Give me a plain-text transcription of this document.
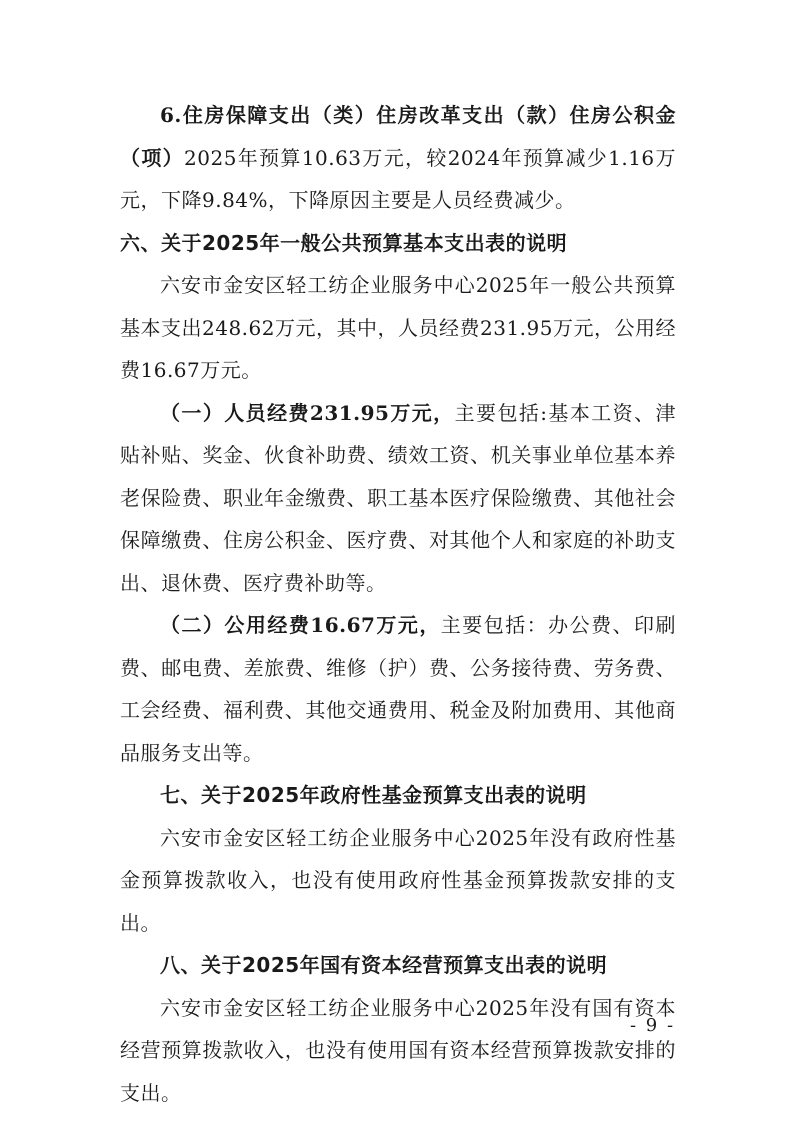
6.住房保障支出（类）住房改革支出（款）住房公积金（项）2025年预算10.63万元，较2024年预算减少1.16万元，下降9.84%，下降原因主要是人员经费减少。

六、关于2025年一般公共预算基本支出表的说明

六安市金安区轻工纺企业服务中心2025年一般公共预算基本支出248.62万元，其中，人员经费231.95万元，公用经费16.67万元。

（一）人员经费231.95万元，主要包括:基本工资、津贴补贴、奖金、伙食补助费、绩效工资、机关事业单位基本养老保险费、职业年金缴费、职工基本医疗保险缴费、其他社会保障缴费、住房公积金、医疗费、对其他个人和家庭的补助支出、退休费、医疗费补助等。

（二）公用经费16.67万元，主要包括：办公费、印刷费、邮电费、差旅费、维修（护）费、公务接待费、劳务费、工会经费、福利费、其他交通费用、税金及附加费用、其他商品服务支出等。

七、关于2025年政府性基金预算支出表的说明

六安市金安区轻工纺企业服务中心2025年没有政府性基金预算拨款收入，也没有使用政府性基金预算拨款安排的支出。

八、关于2025年国有资本经营预算支出表的说明

六安市金安区轻工纺企业服务中心2025年没有国有资本经营预算拨款收入，也没有使用国有资本经营预算拨款安排的支出。

- 9 -
